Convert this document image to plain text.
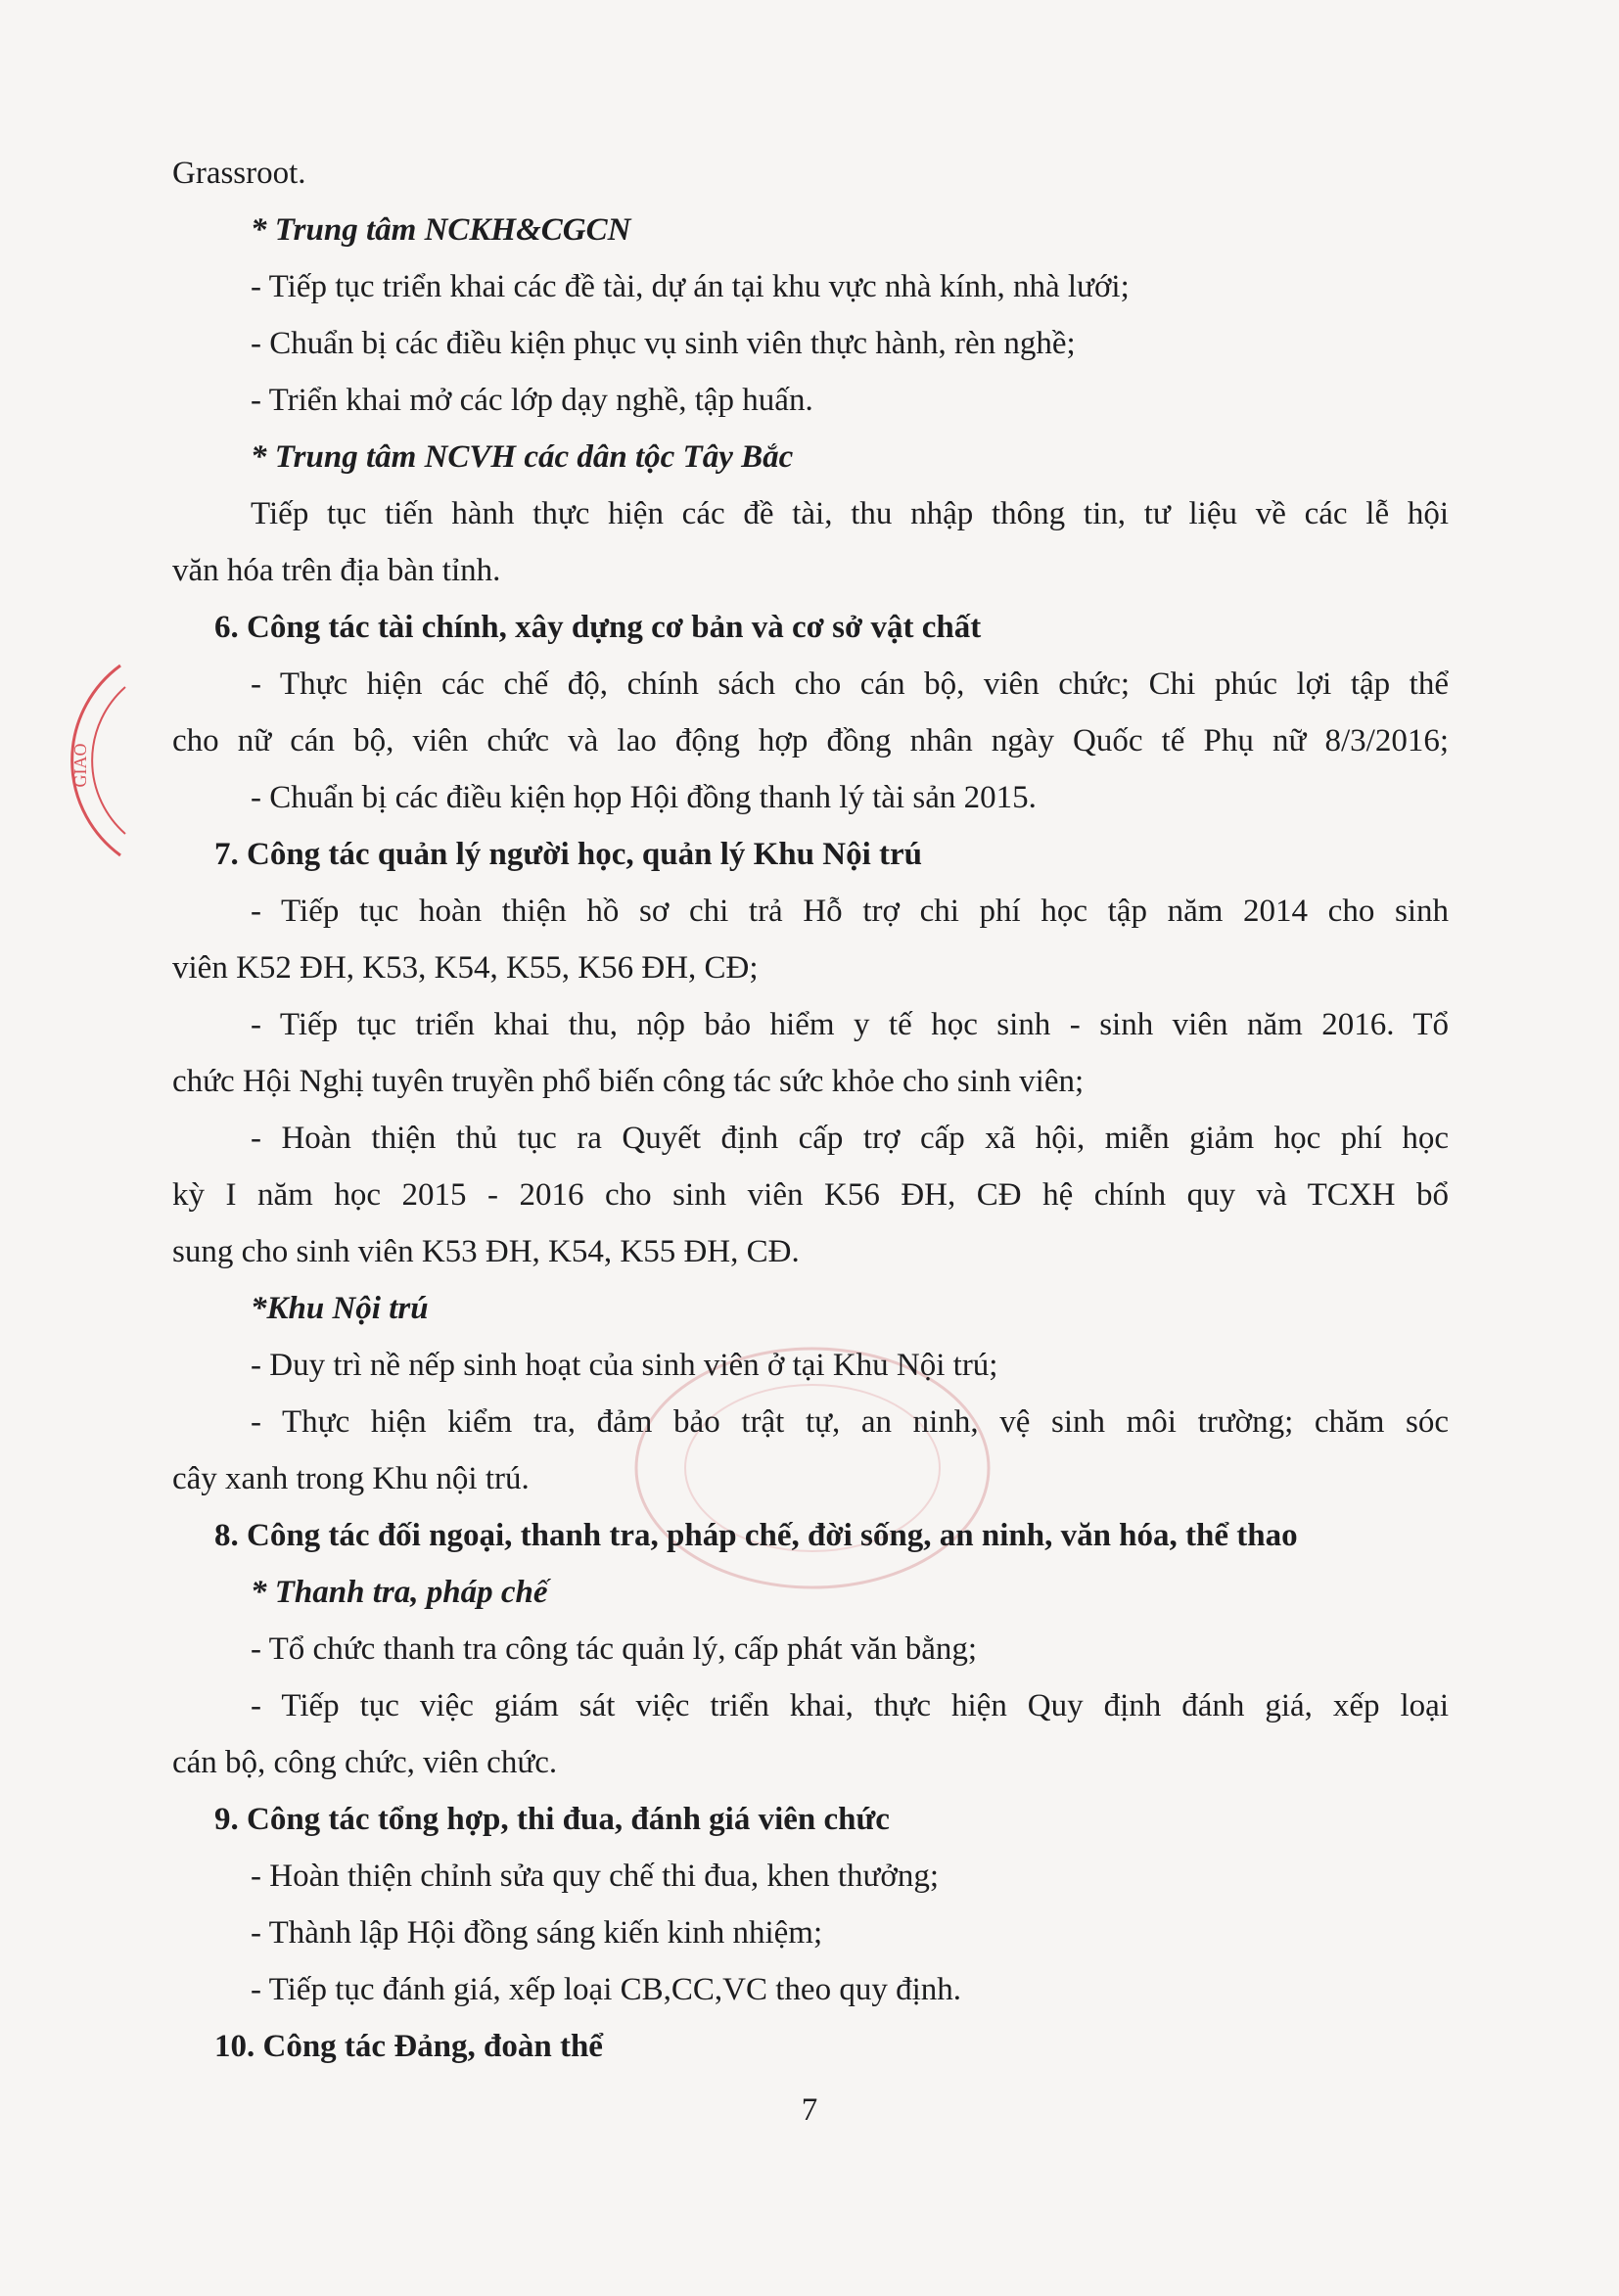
GIÁO
Grassroot.
* Trung tâm NCKH&CGCN
- Tiếp tục triển khai các đề tài, dự án tại khu vực nhà kính, nhà lưới;
- Chuẩn bị các điều kiện phục vụ sinh viên thực hành, rèn nghề;
- Triển khai mở các lớp dạy nghề, tập huấn.
* Trung tâm NCVH các dân tộc Tây Bắc
Tiếp tục tiến hành thực hiện các đề tài, thu nhập thông tin, tư liệu về các lễ hội
văn hóa trên địa bàn tỉnh.
6. Công tác tài chính, xây dựng cơ bản và cơ sở vật chất
- Thực hiện các chế độ, chính sách cho cán bộ, viên chức; Chi phúc lợi tập thể
cho nữ cán bộ, viên chức và lao động hợp đồng nhân ngày Quốc tế Phụ nữ 8/3/2016;
- Chuẩn bị các điều kiện họp Hội đồng thanh lý tài sản 2015.
7. Công tác quản lý người học, quản lý Khu Nội trú
- Tiếp tục hoàn thiện hồ sơ chi trả Hỗ trợ chi phí học tập năm 2014 cho sinh
viên K52 ĐH, K53, K54, K55, K56 ĐH, CĐ;
- Tiếp tục triển khai thu, nộp bảo hiểm y tế học sinh - sinh viên năm 2016. Tổ
chức Hội Nghị tuyên truyền phổ biến công tác sức khỏe cho sinh viên;
- Hoàn thiện thủ tục ra Quyết định cấp trợ cấp xã hội, miễn giảm học phí học
kỳ I năm học 2015 - 2016 cho sinh viên K56 ĐH, CĐ hệ chính quy và TCXH bổ
sung cho sinh viên K53 ĐH, K54, K55 ĐH, CĐ.
*Khu Nội trú
- Duy trì nề nếp sinh hoạt của sinh viên ở tại Khu Nội trú;
- Thực hiện kiểm tra, đảm bảo trật tự, an ninh, vệ sinh môi trường; chăm sóc
cây xanh trong Khu nội trú.
8. Công tác đối ngoại, thanh tra, pháp chế, đời sống, an ninh, văn hóa, thể thao
* Thanh tra, pháp chế
- Tổ chức thanh tra công tác quản lý, cấp phát văn bằng;
- Tiếp tục việc giám sát việc triển khai, thực hiện Quy định đánh giá, xếp loại
cán bộ, công chức, viên chức.
9. Công tác tổng hợp, thi đua, đánh giá viên chức
- Hoàn thiện chỉnh sửa quy chế thi đua, khen thưởng;
- Thành lập Hội đồng sáng kiến kinh nhiệm;
- Tiếp tục đánh giá, xếp loại CB,CC,VC theo quy định.
10. Công tác Đảng, đoàn thể
7
